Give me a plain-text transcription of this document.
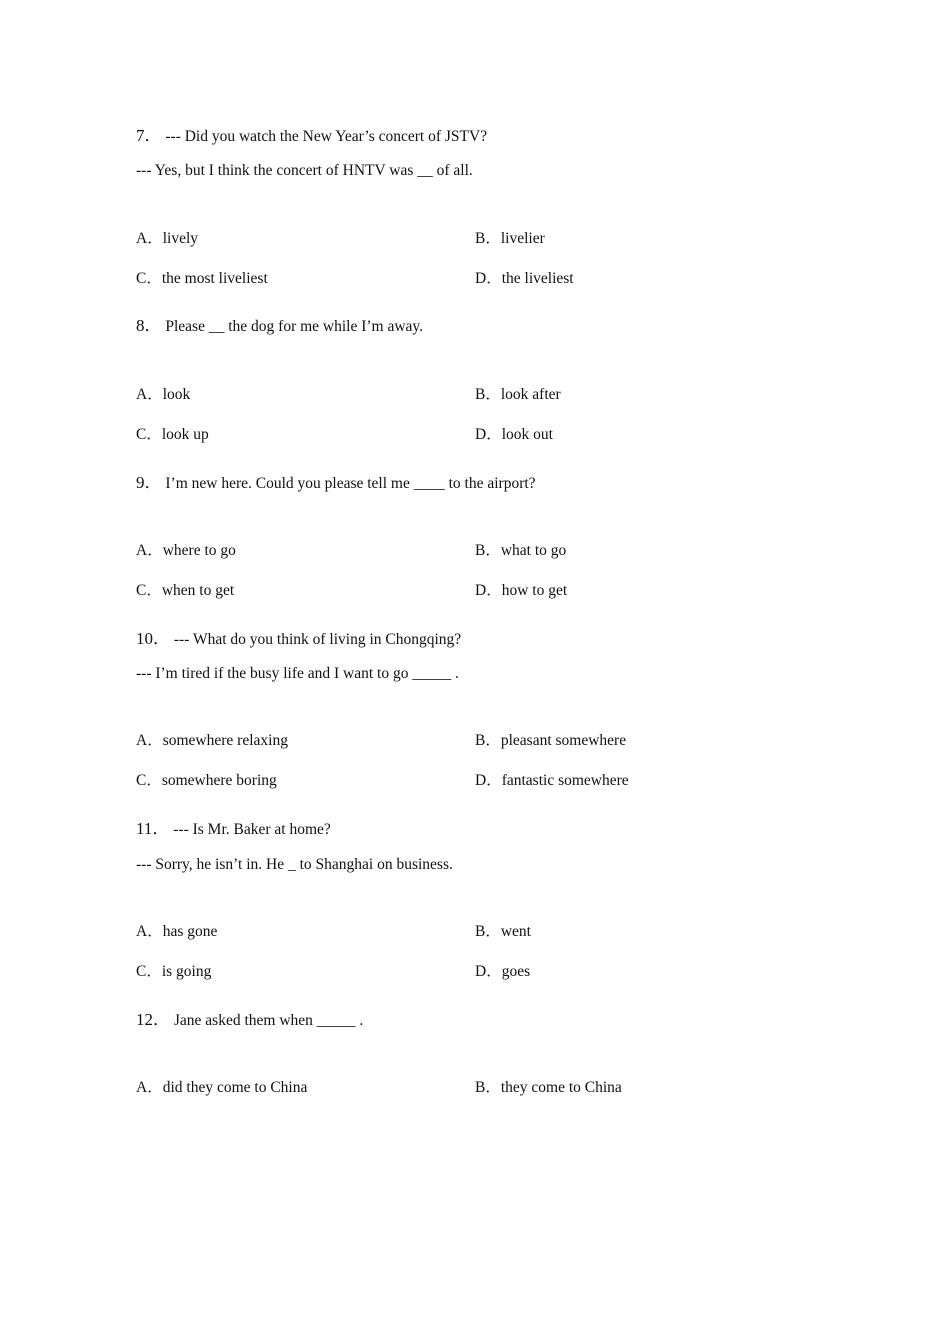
7． --- Did you watch the New Year’s concert of JSTV?
--- Yes, but I think the concert of HNTV was __ of all.
A．lively	B．livelier
C．the most liveliest	D．the liveliest
8． Please __ the dog for me while I’m away.
A．look	B．look after
C．look up	D．look out
9． I’m new here. Could you please tell me ____ to the airport?
A．where to go	B．what to go
C．when to get	D．how to get
10． --- What do you think of living in Chongqing?
--- I’m tired if the busy life and I want to go _____ .
A．somewhere relaxing	B．pleasant somewhere
C．somewhere boring	D．fantastic somewhere
11． --- Is Mr. Baker at home?
--- Sorry, he isn’t in. He _ to Shanghai on business.
A．has gone	B．went
C．is going	D．goes
12． Jane asked them when _____ .
A．did they come to China	B．they come to China
